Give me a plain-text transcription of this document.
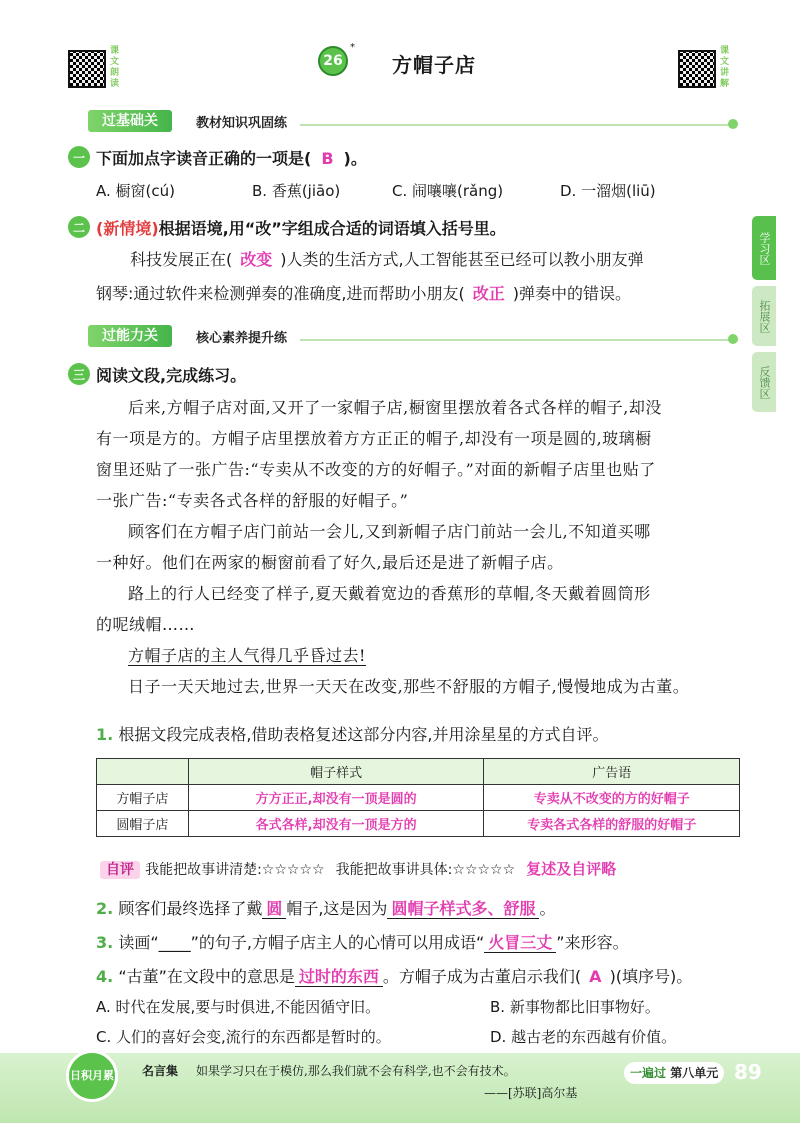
课文朗读
26
*
方帽子店
课文讲解
过基础关	教材知识巩固练
一 下面加点字读音正确的一项是( B )。
A. 橱窗(cú)	B. 香蕉(jiāo)	C. 闹嚷嚷(rǎng)	D. 一溜烟(liū)
二 (新情境)根据语境,用“改”字组成合适的词语填入括号里。
科技发展正在( 改变 )人类的生活方式,人工智能甚至已经可以教小朋友弹
钢琴:通过软件来检测弹奏的准确度,进而帮助小朋友( 改正 )弹奏中的错误。
过能力关	核心素养提升练
三 阅读文段,完成练习。
后来,方帽子店对面,又开了一家帽子店,橱窗里摆放着各式各样的帽子,却没
有一项是方的。方帽子店里摆放着方方正正的帽子,却没有一项是圆的,玻璃橱
窗里还贴了一张广告:“专卖从不改变的方的好帽子。”对面的新帽子店里也贴了
一张广告:“专卖各式各样的舒服的好帽子。”
顾客们在方帽子店门前站一会儿,又到新帽子店门前站一会儿,不知道买哪
一种好。他们在两家的橱窗前看了好久,最后还是进了新帽子店。
路上的行人已经变了样子,夏天戴着宽边的香蕉形的草帽,冬天戴着圆筒形
的呢绒帽……
方帽子店的主人气得几乎昏过去!
日子一天天地过去,世界一天天在改变,那些不舒服的方帽子,慢慢地成为古董。
1. 根据文段完成表格,借助表格复述这部分内容,并用涂星星的方式自评。
	帽子样式	广告语
方帽子店	方方正正,却没有一顶是圆的	专卖从不改变的方的好帽子
圆帽子店	各式各样,却没有一顶是方的	专卖各式各样的舒服的好帽子
自评 我能把故事讲清楚:☆☆☆☆☆ 我能把故事讲具体:☆☆☆☆☆ 复述及自评略
2. 顾客们最终选择了戴 圆 帽子,这是因为 圆帽子样式多、舒服 。
3. 读画“____”的句子,方帽子店主人的心情可以用成语“ 火冒三丈 ”来形容。
4. “古董”在文段中的意思是 过时的东西 。方帽子成为古董启示我们( A )(填序号)。
A. 时代在发展,要与时俱进,不能因循守旧。	B. 新事物都比旧事物好。
C. 人们的喜好会变,流行的东西都是暂时的。	D. 越古老的东西越有价值。
学习区
拓展区
反馈区
日积月累	名言集 如果学习只在于模仿,那么我们就不会有科学,也不会有技术。
——[苏联]高尔基
一遍过 第八单元 89
